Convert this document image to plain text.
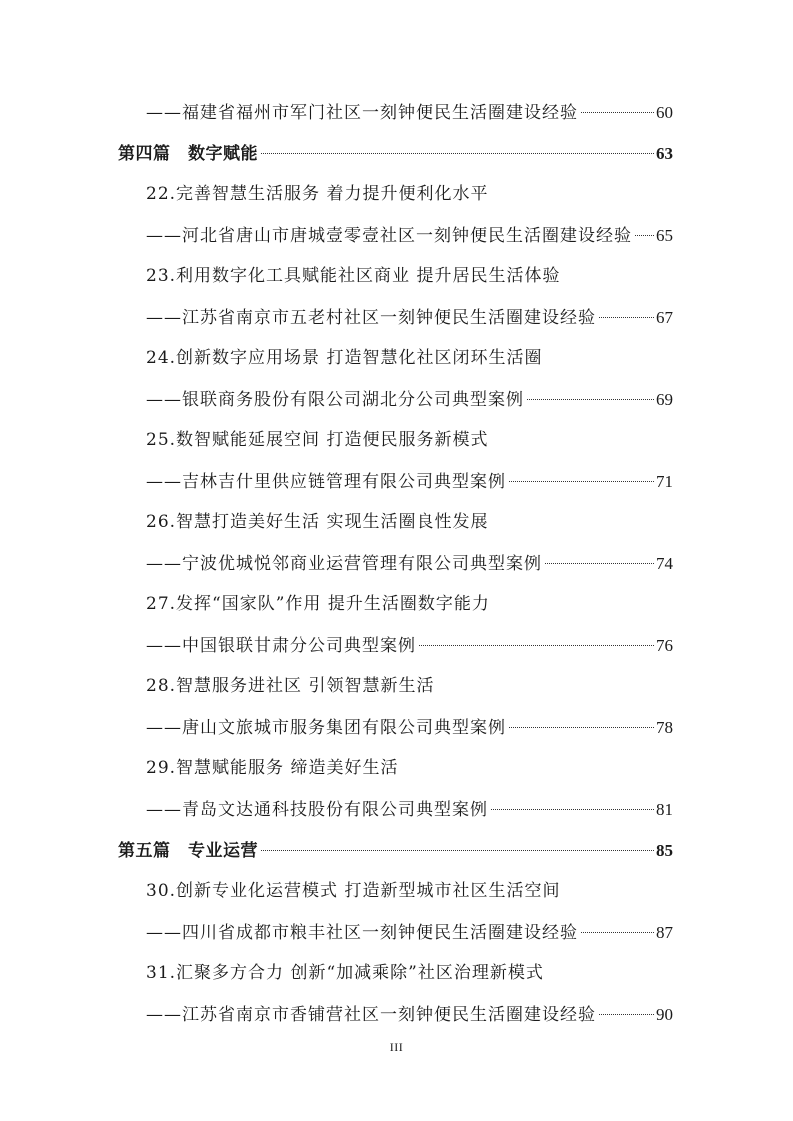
——福建省福州市军门社区一刻钟便民生活圈建设经验	60
第四篇　数字赋能	63
22.完善智慧生活服务 着力提升便利化水平
——河北省唐山市唐城壹零壹社区一刻钟便民生活圈建设经验 65
23.利用数字化工具赋能社区商业 提升居民生活体验
——江苏省南京市五老村社区一刻钟便民生活圈建设经验	67
24.创新数字应用场景 打造智慧化社区闭环生活圈
——银联商务股份有限公司湖北分公司典型案例	69
25.数智赋能延展空间 打造便民服务新模式
——吉林吉什里供应链管理有限公司典型案例	71
26.智慧打造美好生活 实现生活圈良性发展
——宁波优城悦邻商业运营管理有限公司典型案例	74
27.发挥“国家队”作用 提升生活圈数字能力
——中国银联甘肃分公司典型案例	76
28.智慧服务进社区 引领智慧新生活
——唐山文旅城市服务集团有限公司典型案例	78
29.智慧赋能服务 缔造美好生活
——青岛文达通科技股份有限公司典型案例	81
第五篇　专业运营	85
30.创新专业化运营模式 打造新型城市社区生活空间
——四川省成都市粮丰社区一刻钟便民生活圈建设经验	87
31.汇聚多方合力 创新“加减乘除”社区治理新模式
——江苏省南京市香铺营社区一刻钟便民生活圈建设经验	90
III
